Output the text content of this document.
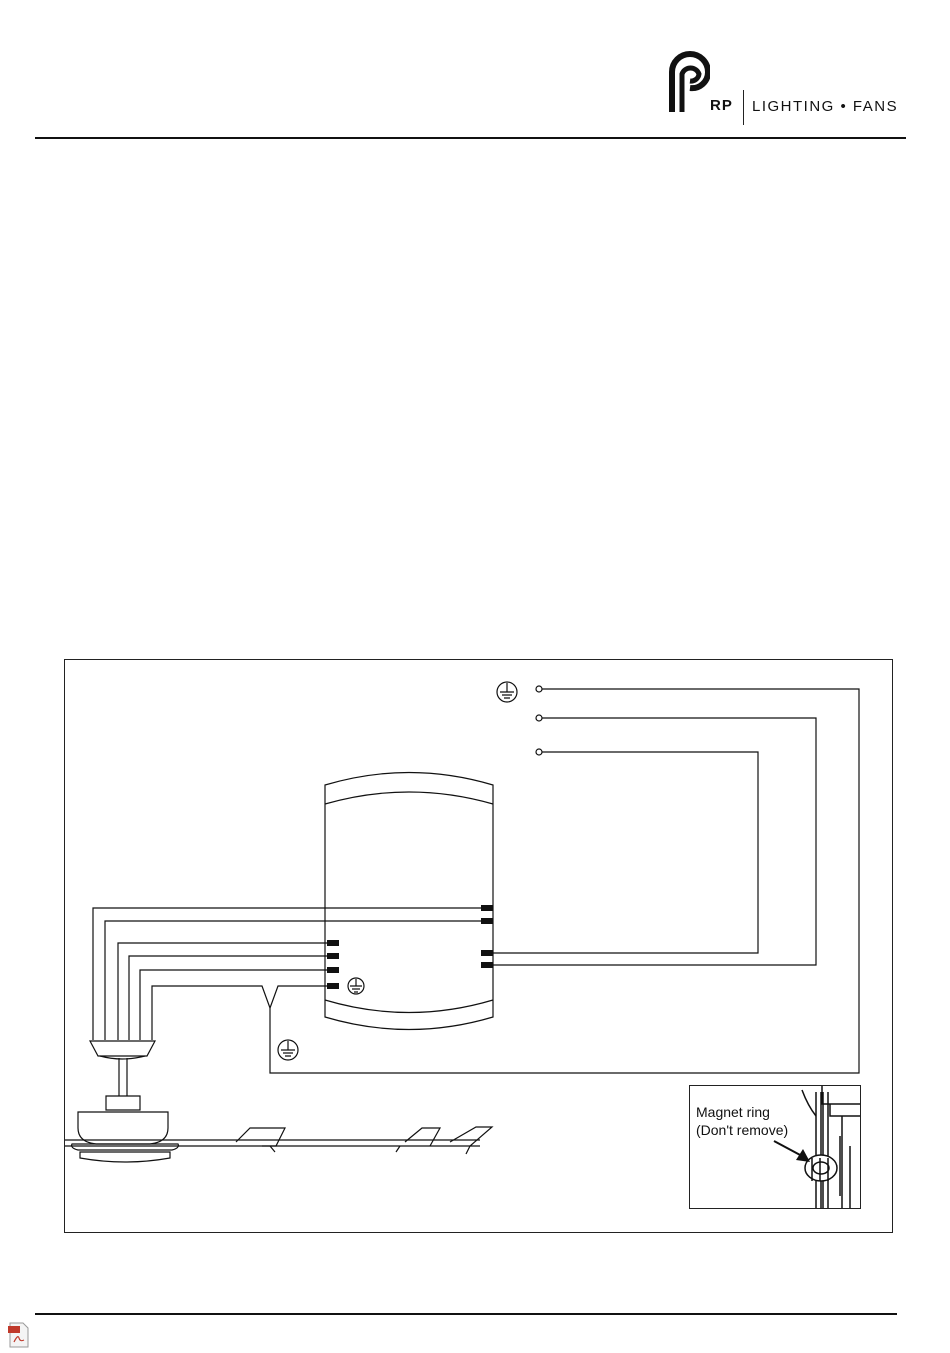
RP LIGHTING • FANS
Magnet ring
(Don't remove)
